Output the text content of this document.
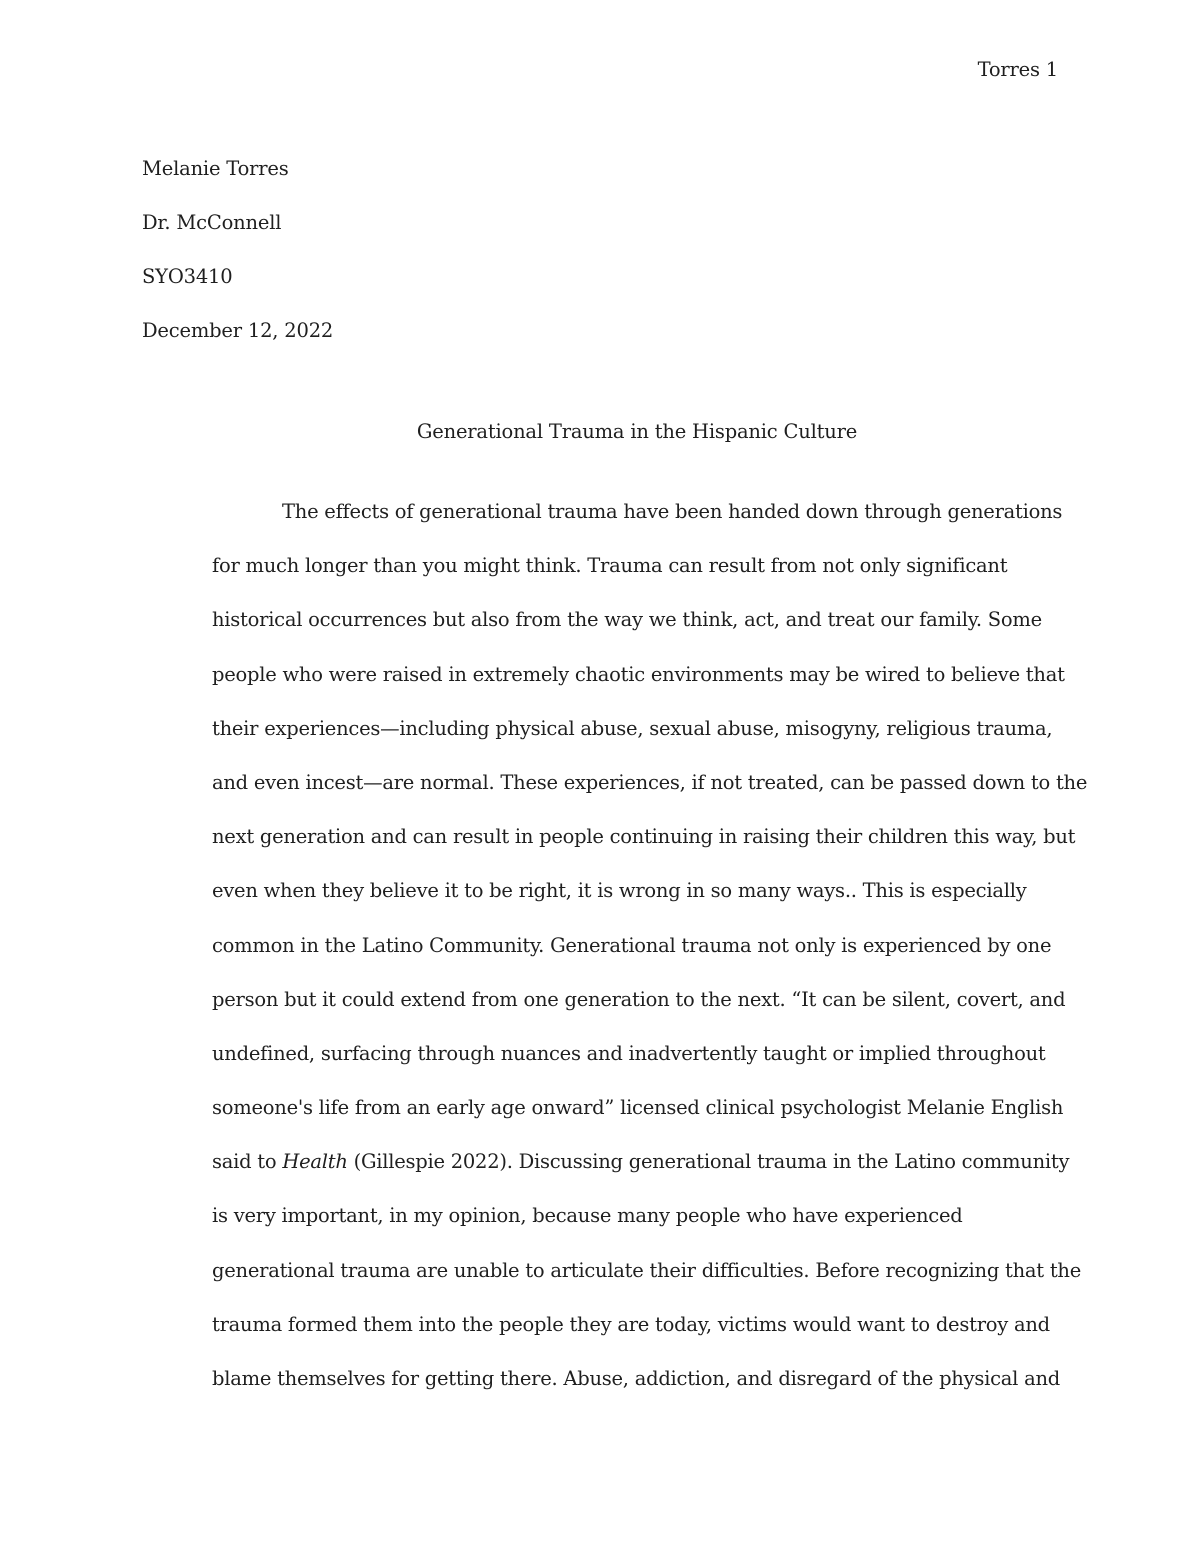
Torres 1
Melanie Torres
Dr. McConnell
SYO3410
December 12, 2022
Generational Trauma in the Hispanic Culture
The effects of generational trauma have been handed down through generations
for much longer than you might think. Trauma can result from not only significant
historical occurrences but also from the way we think, act, and treat our family. Some
people who were raised in extremely chaotic environments may be wired to believe that
their experiences—including physical abuse, sexual abuse, misogyny, religious trauma,
and even incest—are normal. These experiences, if not treated, can be passed down to the
next generation and can result in people continuing in raising their children this way, but
even when they believe it to be right, it is wrong in so many ways.. This is especially
common in the Latino Community. Generational trauma not only is experienced by one
person but it could extend from one generation to the next. “It can be silent, covert, and
undefined, surfacing through nuances and inadvertently taught or implied throughout
someone's life from an early age onward” licensed clinical psychologist Melanie English
said to Health (Gillespie 2022). Discussing generational trauma in the Latino community
is very important, in my opinion, because many people who have experienced
generational trauma are unable to articulate their difficulties. Before recognizing that the
trauma formed them into the people they are today, victims would want to destroy and
blame themselves for getting there. Abuse, addiction, and disregard of the physical and
